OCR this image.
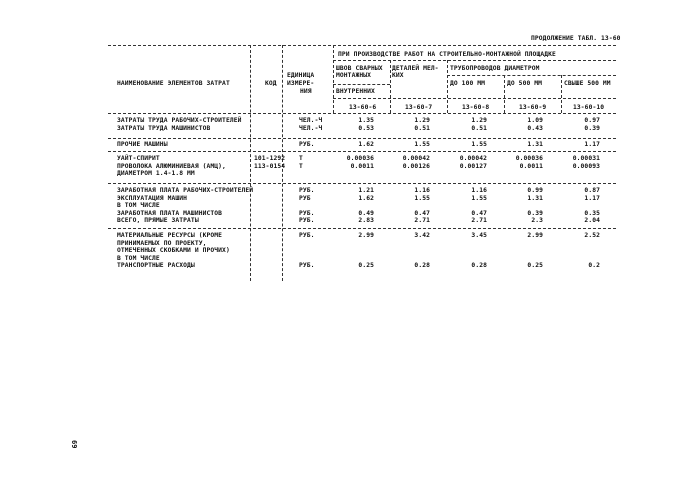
ПРОДОЛЖЕНИЕ ТАБЛ. 13-60
НАИМЕНОВАНИЕ ЭЛЕМЕНТОВ ЗАТРАТ	КОД
ЕДИНИЦА
ИЗМЕРЕ-
НИЯ
ПРИ ПРОИЗВОДСТВЕ РАБОТ НА СТРОИТЕЛЬНО-МОНТАЖНОЙ ПЛОЩАДКЕ
ШВОВ СВАРНЫХ
МОНТАЖНЫХ
ВНУТРЕННИХ
ДЕТАЛЕЙ МЕЛ-
КИХ
ТРУБОПРОВОДОВ ДИАМЕТРОМ
ДО 100 ММ	ДО 500 ММ	СВЫШЕ 500 ММ
13-60-6	13-60-7	13-60-8	13-60-9	13-60-10
ЗАТРАТЫ ТРУДА РАБОЧИХ-СТРОИТЕЛЕЙ	ЧЕЛ.-Ч	1.35	1.29	1.29	1.09	0.97
ЗАТРАТЫ ТРУДА МАШИНИСТОВ	ЧЕЛ.-Ч	0.53	0.51	0.51	0.43	0.39
ПРОЧИЕ МАШИНЫ	РУБ.	1.62	1.55	1.55	1.31	1.17
УАЙТ-СПИРИТ	101-1292 Т	0.00036	0.00042	0.00042	0.00036	0.00031
ПРОВОЛОКА АЛЮМИНИЕВАЯ (АМЦ),	113-0154 Т	0.0011	0.00126	0.00127	0.0011	0.00093
ДИАМЕТРОМ 1.4-1.8 ММ
ЗАРАБОТНАЯ ПЛАТА РАБОЧИХ-СТРОИТЕЛЕЙ	РУБ.	1.21	1.16	1.16	0.99	0.87
ЭКСПЛУАТАЦИЯ МАШИН	РУБ	1.62	1.55	1.55	1.31	1.17
В ТОМ ЧИСЛЕ
ЗАРАБОТНАЯ ПЛАТА МАШИНИСТОВ	РУБ.	0.49	0.47	0.47	0.39	0.35
ВСЕГО, ПРЯМЫЕ ЗАТРАТЫ	РУБ.	2.83	2.71	2.71	2.3	2.04
МАТЕРИАЛЬНЫЕ РЕСУРСЫ (КРОМЕ	РУБ.	2.99	3.42	3.45	2.99	2.52
ПРИНИМАЕМЫХ ПО ПРОЕКТУ,
ОТМЕЧЕННЫХ СКОБКАМИ И ПРОЧИХ)
В ТОМ ЧИСЛЕ
ТРАНСПОРТНЫЕ РАСХОДЫ	РУБ.	0.25	0.28	0.28	0.25	0.2
69
